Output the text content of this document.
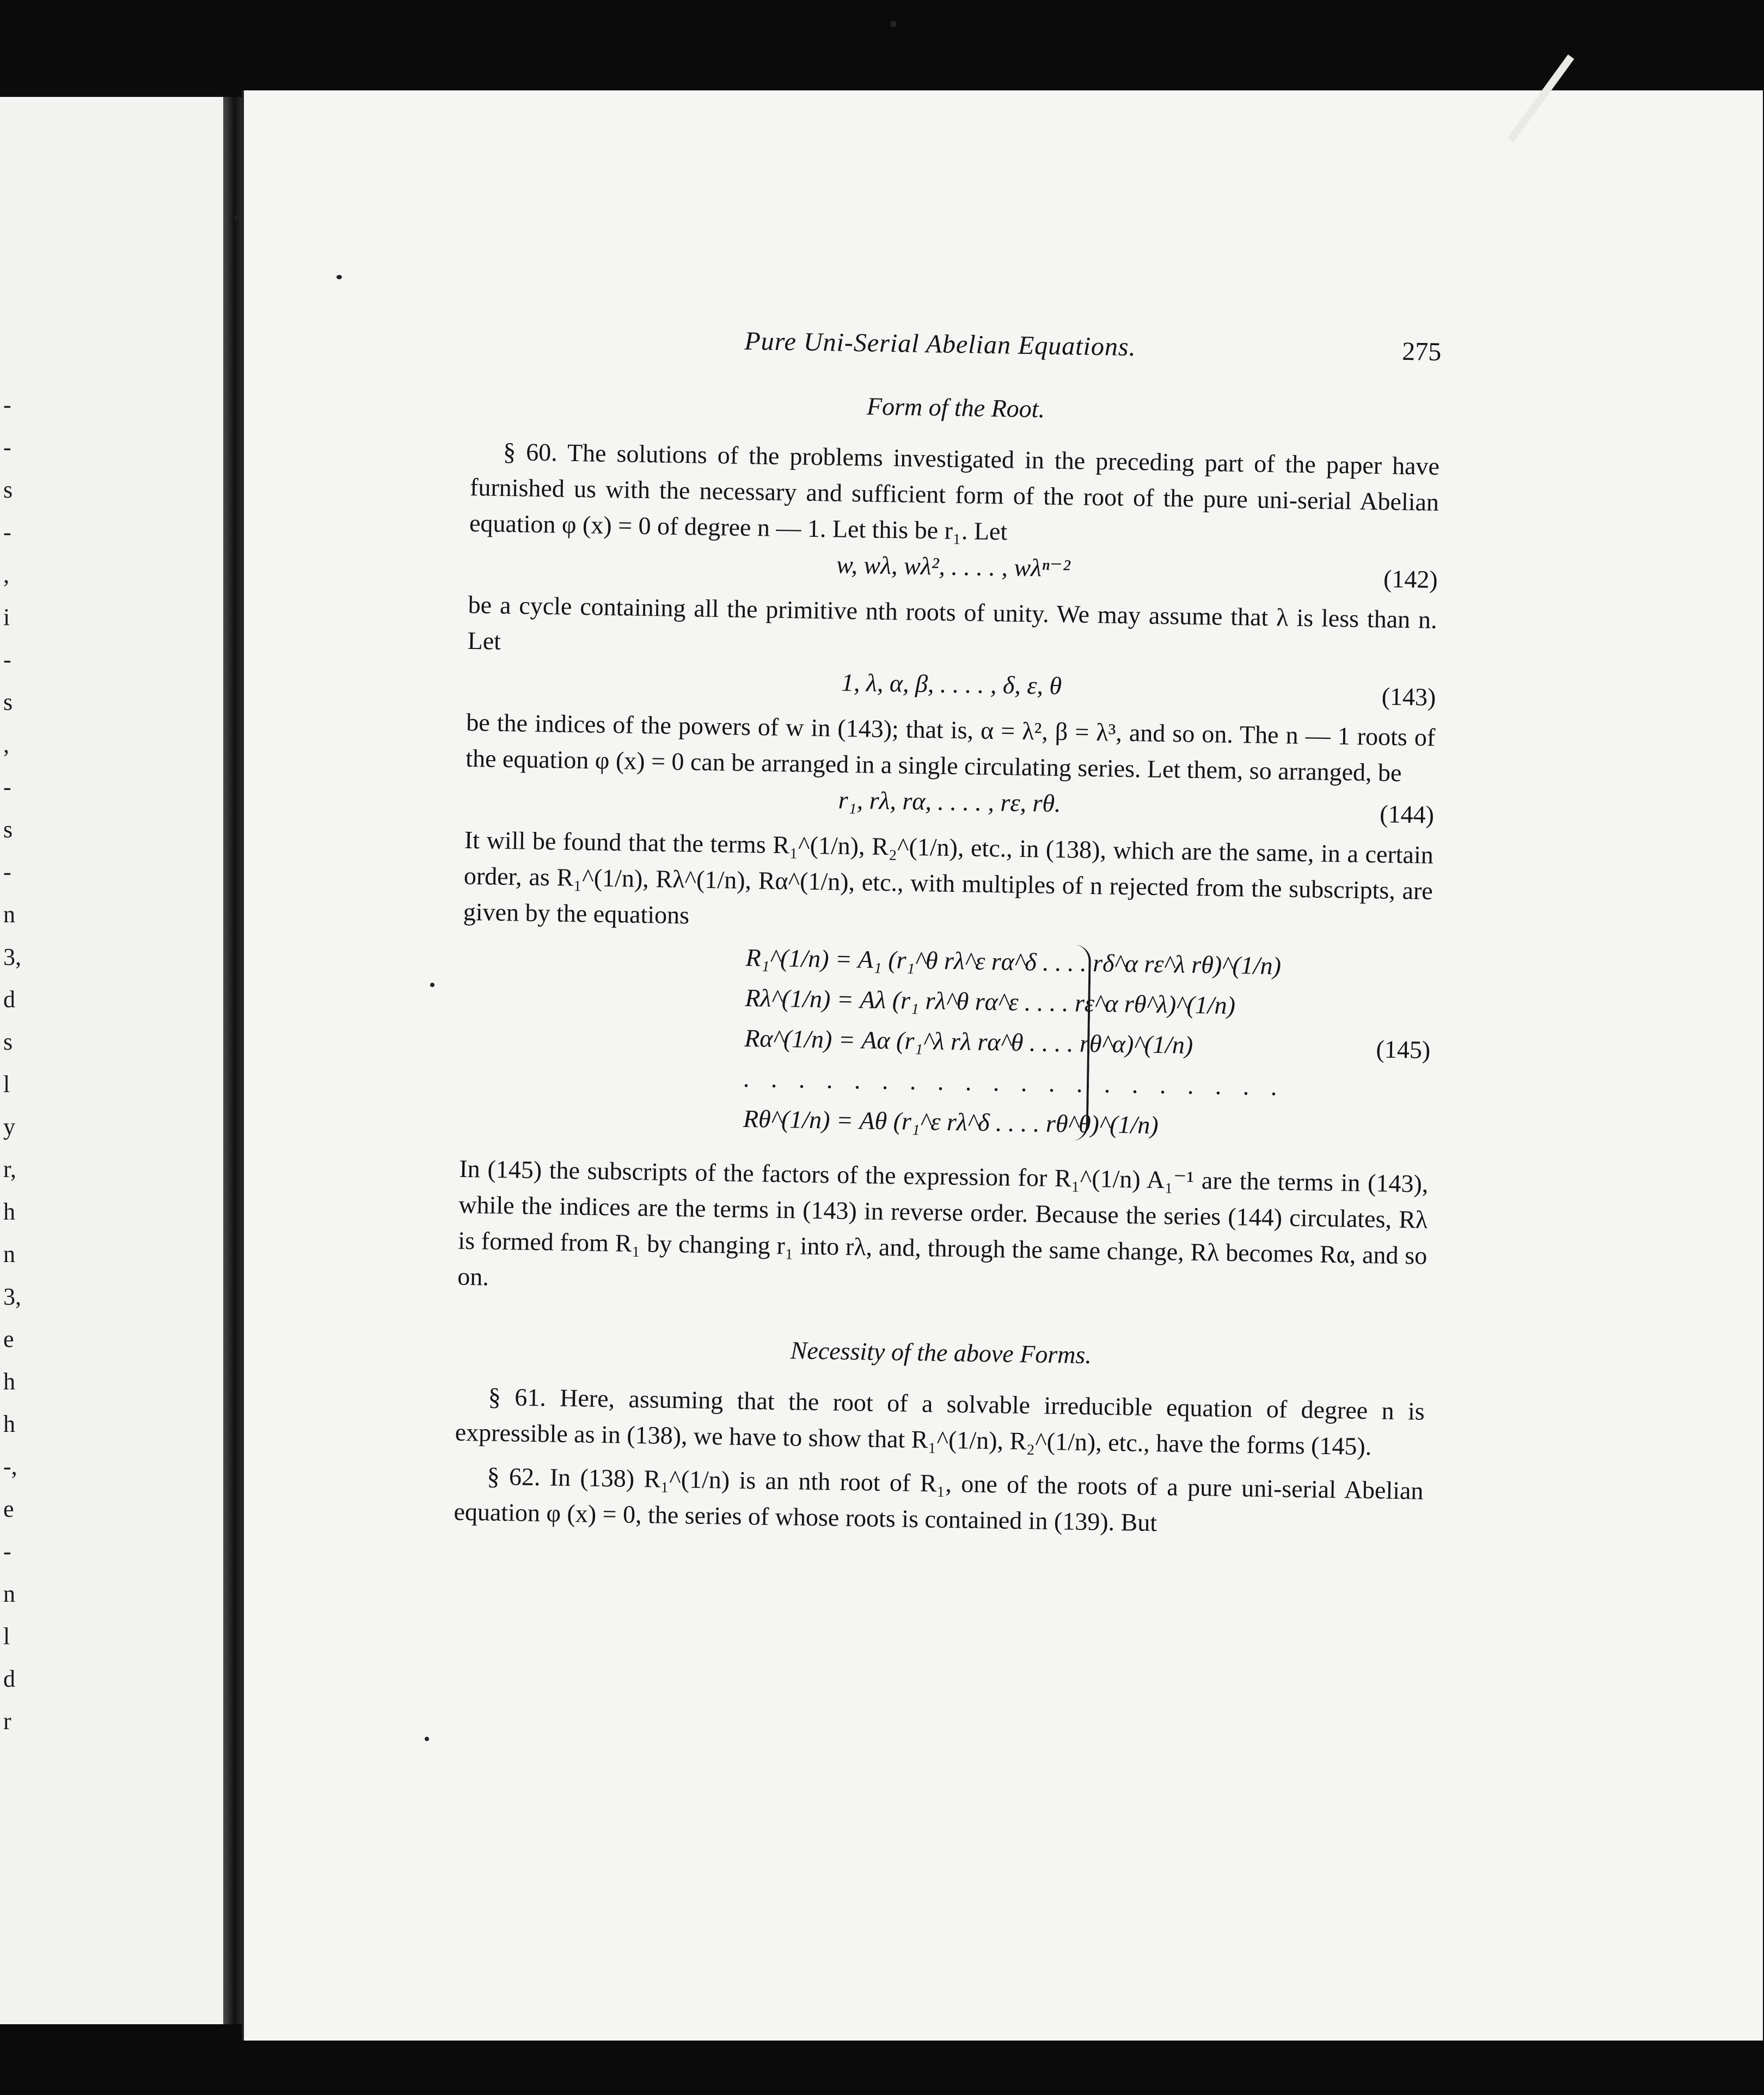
-
-
s
-
,
i
-
s
,
-
s
-
n
3,
d
s
l
y
r,
h
n
3,
e
h
h
-,
e
-
n
l
d
r
Pure Uni-Serial Abelian Equations.	275
Form of the Root.

§ 60. The solutions of the problems investigated in the preceding part of the paper have furnished us with the necessary and sufficient form of the root of the pure uni-serial Abelian equation φ (x) = 0 of degree n — 1. Let this be r₁. Let

w, wλ, wλ², . . . . , wλⁿ⁻²	(142)

be a cycle containing all the primitive nth roots of unity. We may assume that λ is less than n. Let

1, λ, α, β, . . . . , δ, ε, θ	(143)

be the indices of the powers of w in (143); that is, α = λ², β = λ³, and so on. The n — 1 roots of the equation φ (x) = 0 can be arranged in a single circulating series. Let them, so arranged, be

r₁, rλ, rα, . . . . , rε, rθ.	(144)

It will be found that the terms R₁^(1/n), R₂^(1/n), etc., in (138), which are the same, in a certain order, as R₁^(1/n), Rλ^(1/n), Rα^(1/n), etc., with multiples of n rejected from the subscripts, are given by the equations

R₁^(1/n) = A₁ (r₁^θ rλ^ε rα^δ . . . . rδ^α rε^λ rθ)^(1/n)
Rλ^(1/n) = Aλ (r₁ rλ^θ rα^ε . . . . rε^α rθ^λ)^(1/n)
Rα^(1/n) = Aα (r₁^λ rλ rα^θ . . . . rθ^α)^(1/n)
. . . . . . . . . . . . . . . . . . . .
Rθ^(1/n) = Aθ (r₁^ε rλ^δ . . . . rθ^θ)^(1/n)
(145)

In (145) the subscripts of the factors of the expression for R₁^(1/n) A₁⁻¹ are the terms in (143), while the indices are the terms in (143) in reverse order. Because the series (144) circulates, Rλ is formed from R₁ by changing r₁ into rλ, and, through the same change, Rλ becomes Rα, and so on.

Necessity of the above Forms.

§ 61. Here, assuming that the root of a solvable irreducible equation of degree n is expressible as in (138), we have to show that R₁^(1/n), R₂^(1/n), etc., have the forms (145).

§ 62. In (138) R₁^(1/n) is an nth root of R₁, one of the roots of a pure uni-serial Abelian equation φ (x) = 0, the series of whose roots is contained in (139). But
